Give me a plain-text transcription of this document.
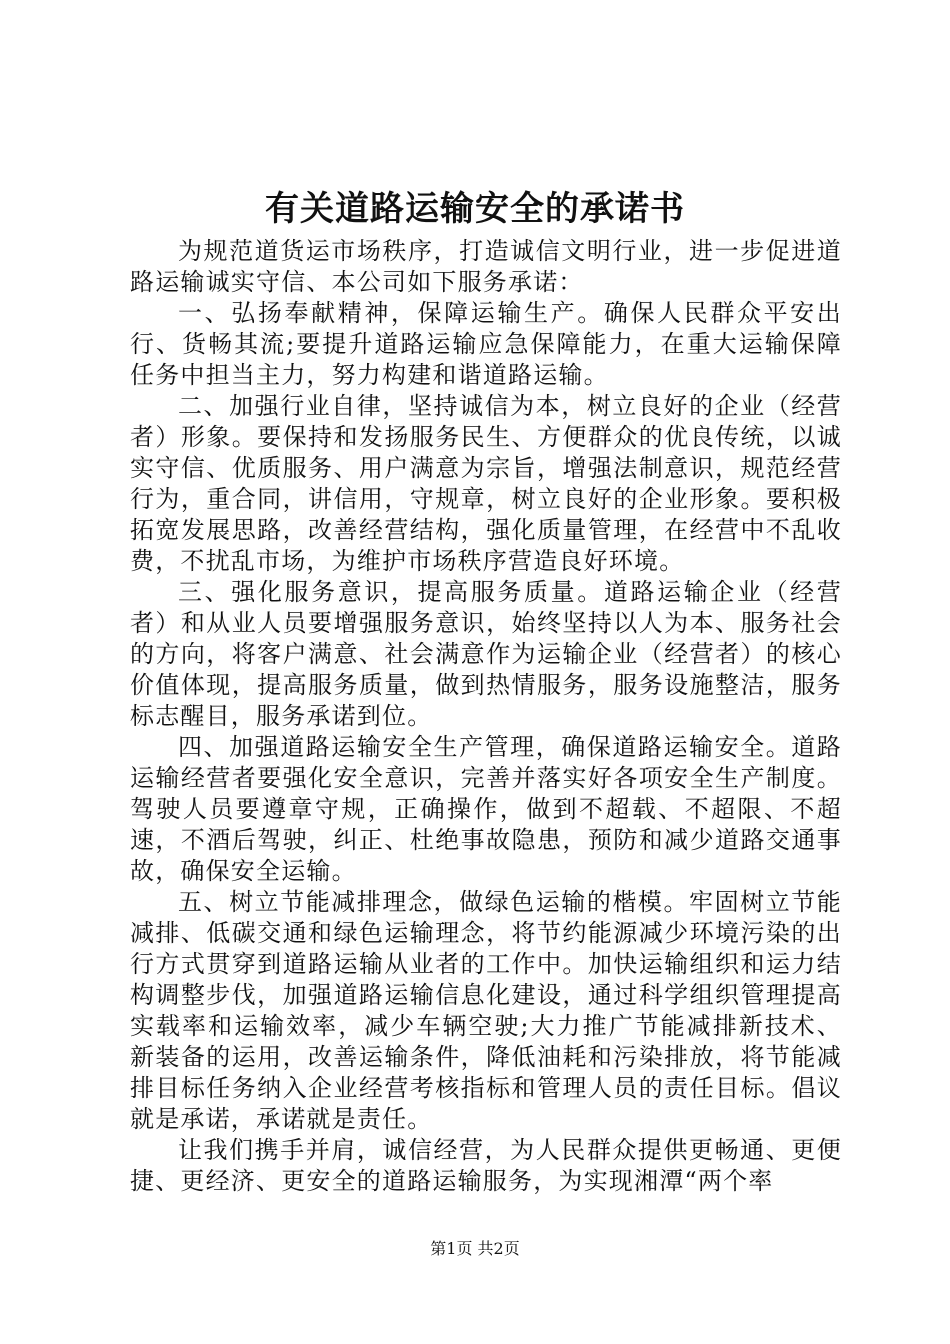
有关道路运输安全的承诺书

为规范道货运市场秩序，打造诚信文明行业，进一步促进道路运输诚实守信、本公司如下服务承诺：

一、弘扬奉献精神，保障运输生产。确保人民群众平安出行、货畅其流;要提升道路运输应急保障能力，在重大运输保障任务中担当主力，努力构建和谐道路运输。

二、加强行业自律，坚持诚信为本，树立良好的企业（经营者）形象。要保持和发扬服务民生、方便群众的优良传统，以诚实守信、优质服务、用户满意为宗旨，增强法制意识，规范经营行为，重合同，讲信用，守规章，树立良好的企业形象。要积极拓宽发展思路，改善经营结构，强化质量管理，在经营中不乱收费，不扰乱市场，为维护市场秩序营造良好环境。

三、强化服务意识，提高服务质量。道路运输企业（经营者）和从业人员要增强服务意识，始终坚持以人为本、服务社会的方向，将客户满意、社会满意作为运输企业（经营者）的核心价值体现，提高服务质量，做到热情服务，服务设施整洁，服务标志醒目，服务承诺到位。

四、加强道路运输安全生产管理，确保道路运输安全。道路运输经营者要强化安全意识，完善并落实好各项安全生产制度。驾驶人员要遵章守规，正确操作，做到不超载、不超限、不超速，不酒后驾驶，纠正、杜绝事故隐患，预防和减少道路交通事故，确保安全运输。

五、树立节能减排理念，做绿色运输的楷模。牢固树立节能减排、低碳交通和绿色运输理念，将节约能源减少环境污染的出行方式贯穿到道路运输从业者的工作中。加快运输组织和运力结构调整步伐，加强道路运输信息化建设，通过科学组织管理提高实载率和运输效率，减少车辆空驶;大力推广节能减排新技术、新装备的运用，改善运输条件，降低油耗和污染排放，将节能减排目标任务纳入企业经营考核指标和管理人员的责任目标。倡议就是承诺，承诺就是责任。

让我们携手并肩，诚信经营，为人民群众提供更畅通、更便捷、更经济、更安全的道路运输服务，为实现湘潭“两个率

第1页 共2页
